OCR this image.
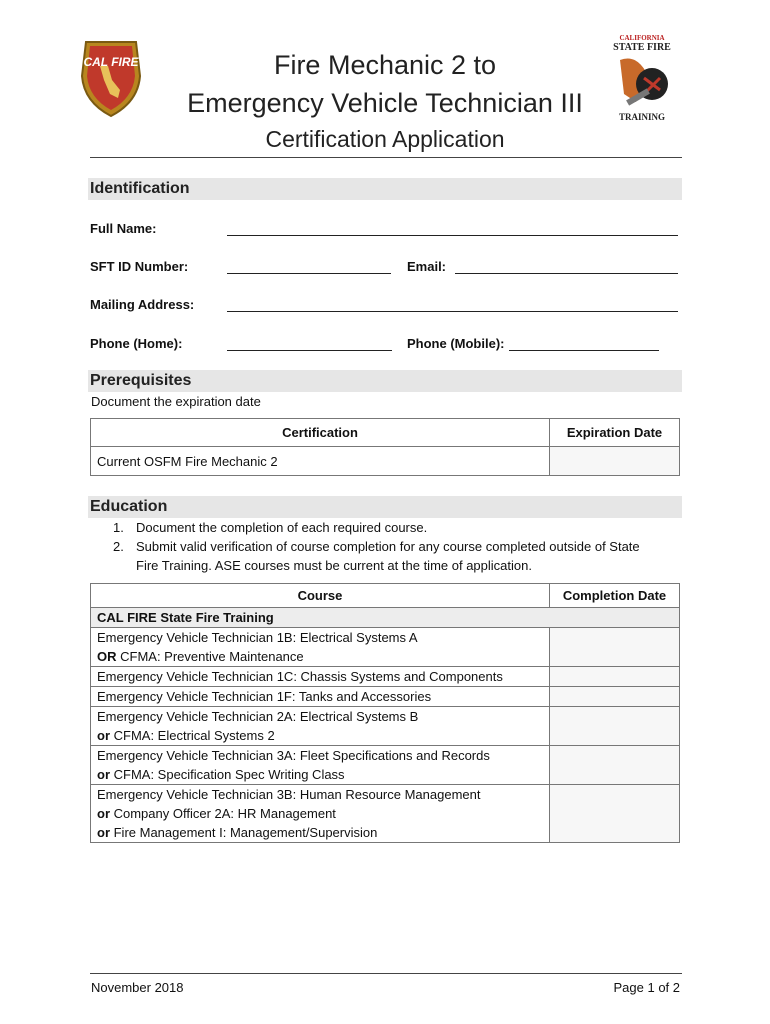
CAL FIRE
CALIFORNIA
STATE FIRE
TRAINING
Fire Mechanic 2 to
Emergency Vehicle Technician III
Certification Application
Identification
Full Name:
SFT ID Number:	Email:
Mailing Address:
Phone (Home):	Phone (Mobile):
Prerequisites
Document the expiration date
Certification	Expiration Date
Current OSFM Fire Mechanic 2	
Education
1. Document the completion of each required course.
2. Submit valid verification of course completion for any course completed outside of State
Fire Training. ASE courses must be current at the time of application.
Course	Completion Date
CAL FIRE State Fire Training	
Emergency Vehicle Technician 1B: Electrical Systems A
OR CFMA: Preventive Maintenance	
Emergency Vehicle Technician 1C: Chassis Systems and Components	
Emergency Vehicle Technician 1F: Tanks and Accessories	
Emergency Vehicle Technician 2A: Electrical Systems B
or CFMA: Electrical Systems 2	
Emergency Vehicle Technician 3A: Fleet Specifications and Records
or CFMA: Specification Spec Writing Class	
Emergency Vehicle Technician 3B: Human Resource Management
or Company Officer 2A: HR Management
or Fire Management I: Management/Supervision	
November 2018	Page 1 of 2
